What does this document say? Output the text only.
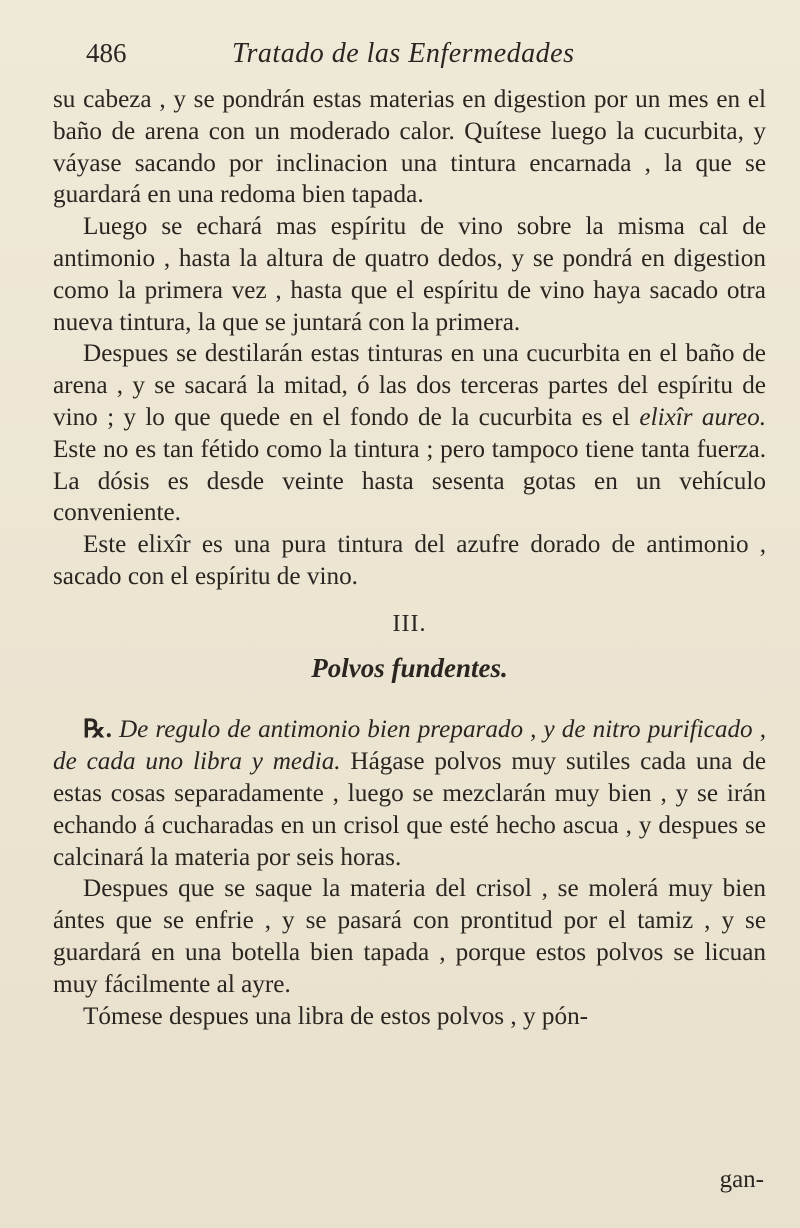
486	Tratado de las Enfermedades

su cabeza , y se pondrán estas materias en digestion por un mes en el baño de arena con un moderado calor. Quítese luego la cucurbita, y váyase sacando por inclinacion una tintura encarnada , la que se guardará en una redoma bien tapada.

Luego se echará mas espíritu de vino sobre la misma cal de antimonio , hasta la altura de quatro dedos, y se pondrá en digestion como la primera vez , hasta que el espíritu de vino haya sacado otra nueva tintura, la que se juntará con la primera.

Despues se destilarán estas tinturas en una cucurbita en el baño de arena , y se sacará la mitad, ó las dos terceras partes del espíritu de vino ; y lo que quede en el fondo de la cucurbita es el elixîr aureo. Este no es tan fétido como la tintura ; pero tampoco tiene tanta fuerza. La dósis es desde veinte hasta sesenta gotas en un vehículo conveniente.

Este elixîr es una pura tintura del azufre dorado de antimonio , sacado con el espíritu de vino.

III.
Polvos fundentes.

℞. De regulo de antimonio bien preparado , y de nitro purificado , de cada uno libra y media. Hágase polvos muy sutiles cada una de estas cosas separadamente , luego se mezclarán muy bien , y se irán echando á cucharadas en un crisol que esté hecho ascua , y despues se calcinará la materia por seis horas.

Despues que se saque la materia del crisol , se molerá muy bien ántes que se enfrie , y se pasará con prontitud por el tamiz , y se guardará en una botella bien tapada , porque estos polvos se licuan muy fácilmente al ayre.

Tómese despues una libra de estos polvos , y pón-

gan-
